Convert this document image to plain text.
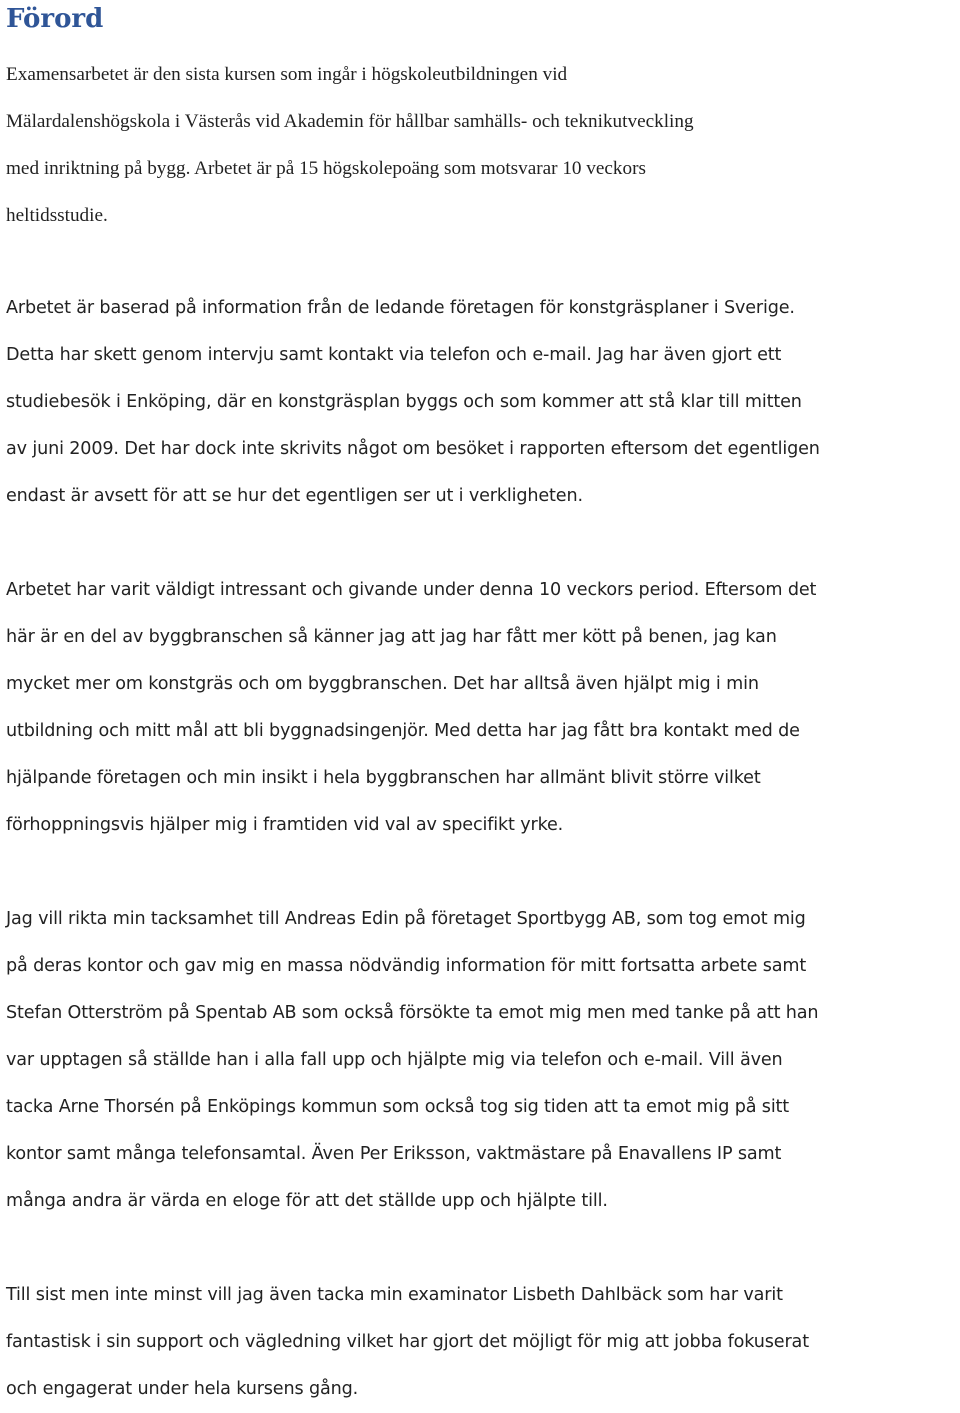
Förord

Examensarbetet är den sista kursen som ingår i högskoleutbildningen vid
Mälardalenshögskola i Västerås vid Akademin för hållbar samhälls- och teknikutveckling
med inriktning på bygg. Arbetet är på 15 högskolepoäng som motsvarar 10 veckors
heltidsstudie.

Arbetet är baserad på information från de ledande företagen för konstgräsplaner i Sverige.
Detta har skett genom intervju samt kontakt via telefon och e-mail. Jag har även gjort ett
studiebesök i Enköping, där en konstgräsplan byggs och som kommer att stå klar till mitten
av juni 2009. Det har dock inte skrivits något om besöket i rapporten eftersom det egentligen
endast är avsett för att se hur det egentligen ser ut i verkligheten.

Arbetet har varit väldigt intressant och givande under denna 10 veckors period. Eftersom det
här är en del av byggbranschen så känner jag att jag har fått mer kött på benen, jag kan
mycket mer om konstgräs och om byggbranschen. Det har alltså även hjälpt mig i min
utbildning och mitt mål att bli byggnadsingenjör. Med detta har jag fått bra kontakt med de
hjälpande företagen och min insikt i hela byggbranschen har allmänt blivit större vilket
förhoppningsvis hjälper mig i framtiden vid val av specifikt yrke.

Jag vill rikta min tacksamhet till Andreas Edin på företaget Sportbygg AB, som tog emot mig
på deras kontor och gav mig en massa nödvändig information för mitt fortsatta arbete samt
Stefan Otterström på Spentab AB som också försökte ta emot mig men med tanke på att han
var upptagen så ställde han i alla fall upp och hjälpte mig via telefon och e-mail. Vill även
tacka Arne Thorsén på Enköpings kommun som också tog sig tiden att ta emot mig på sitt
kontor samt många telefonsamtal. Även Per Eriksson, vaktmästare på Enavallens IP samt
många andra är värda en eloge för att det ställde upp och hjälpte till.

Till sist men inte minst vill jag även tacka min examinator Lisbeth Dahlbäck som har varit
fantastisk i sin support och vägledning vilket har gjort det möjligt för mig att jobba fokuserat
och engagerat under hela kursens gång.
